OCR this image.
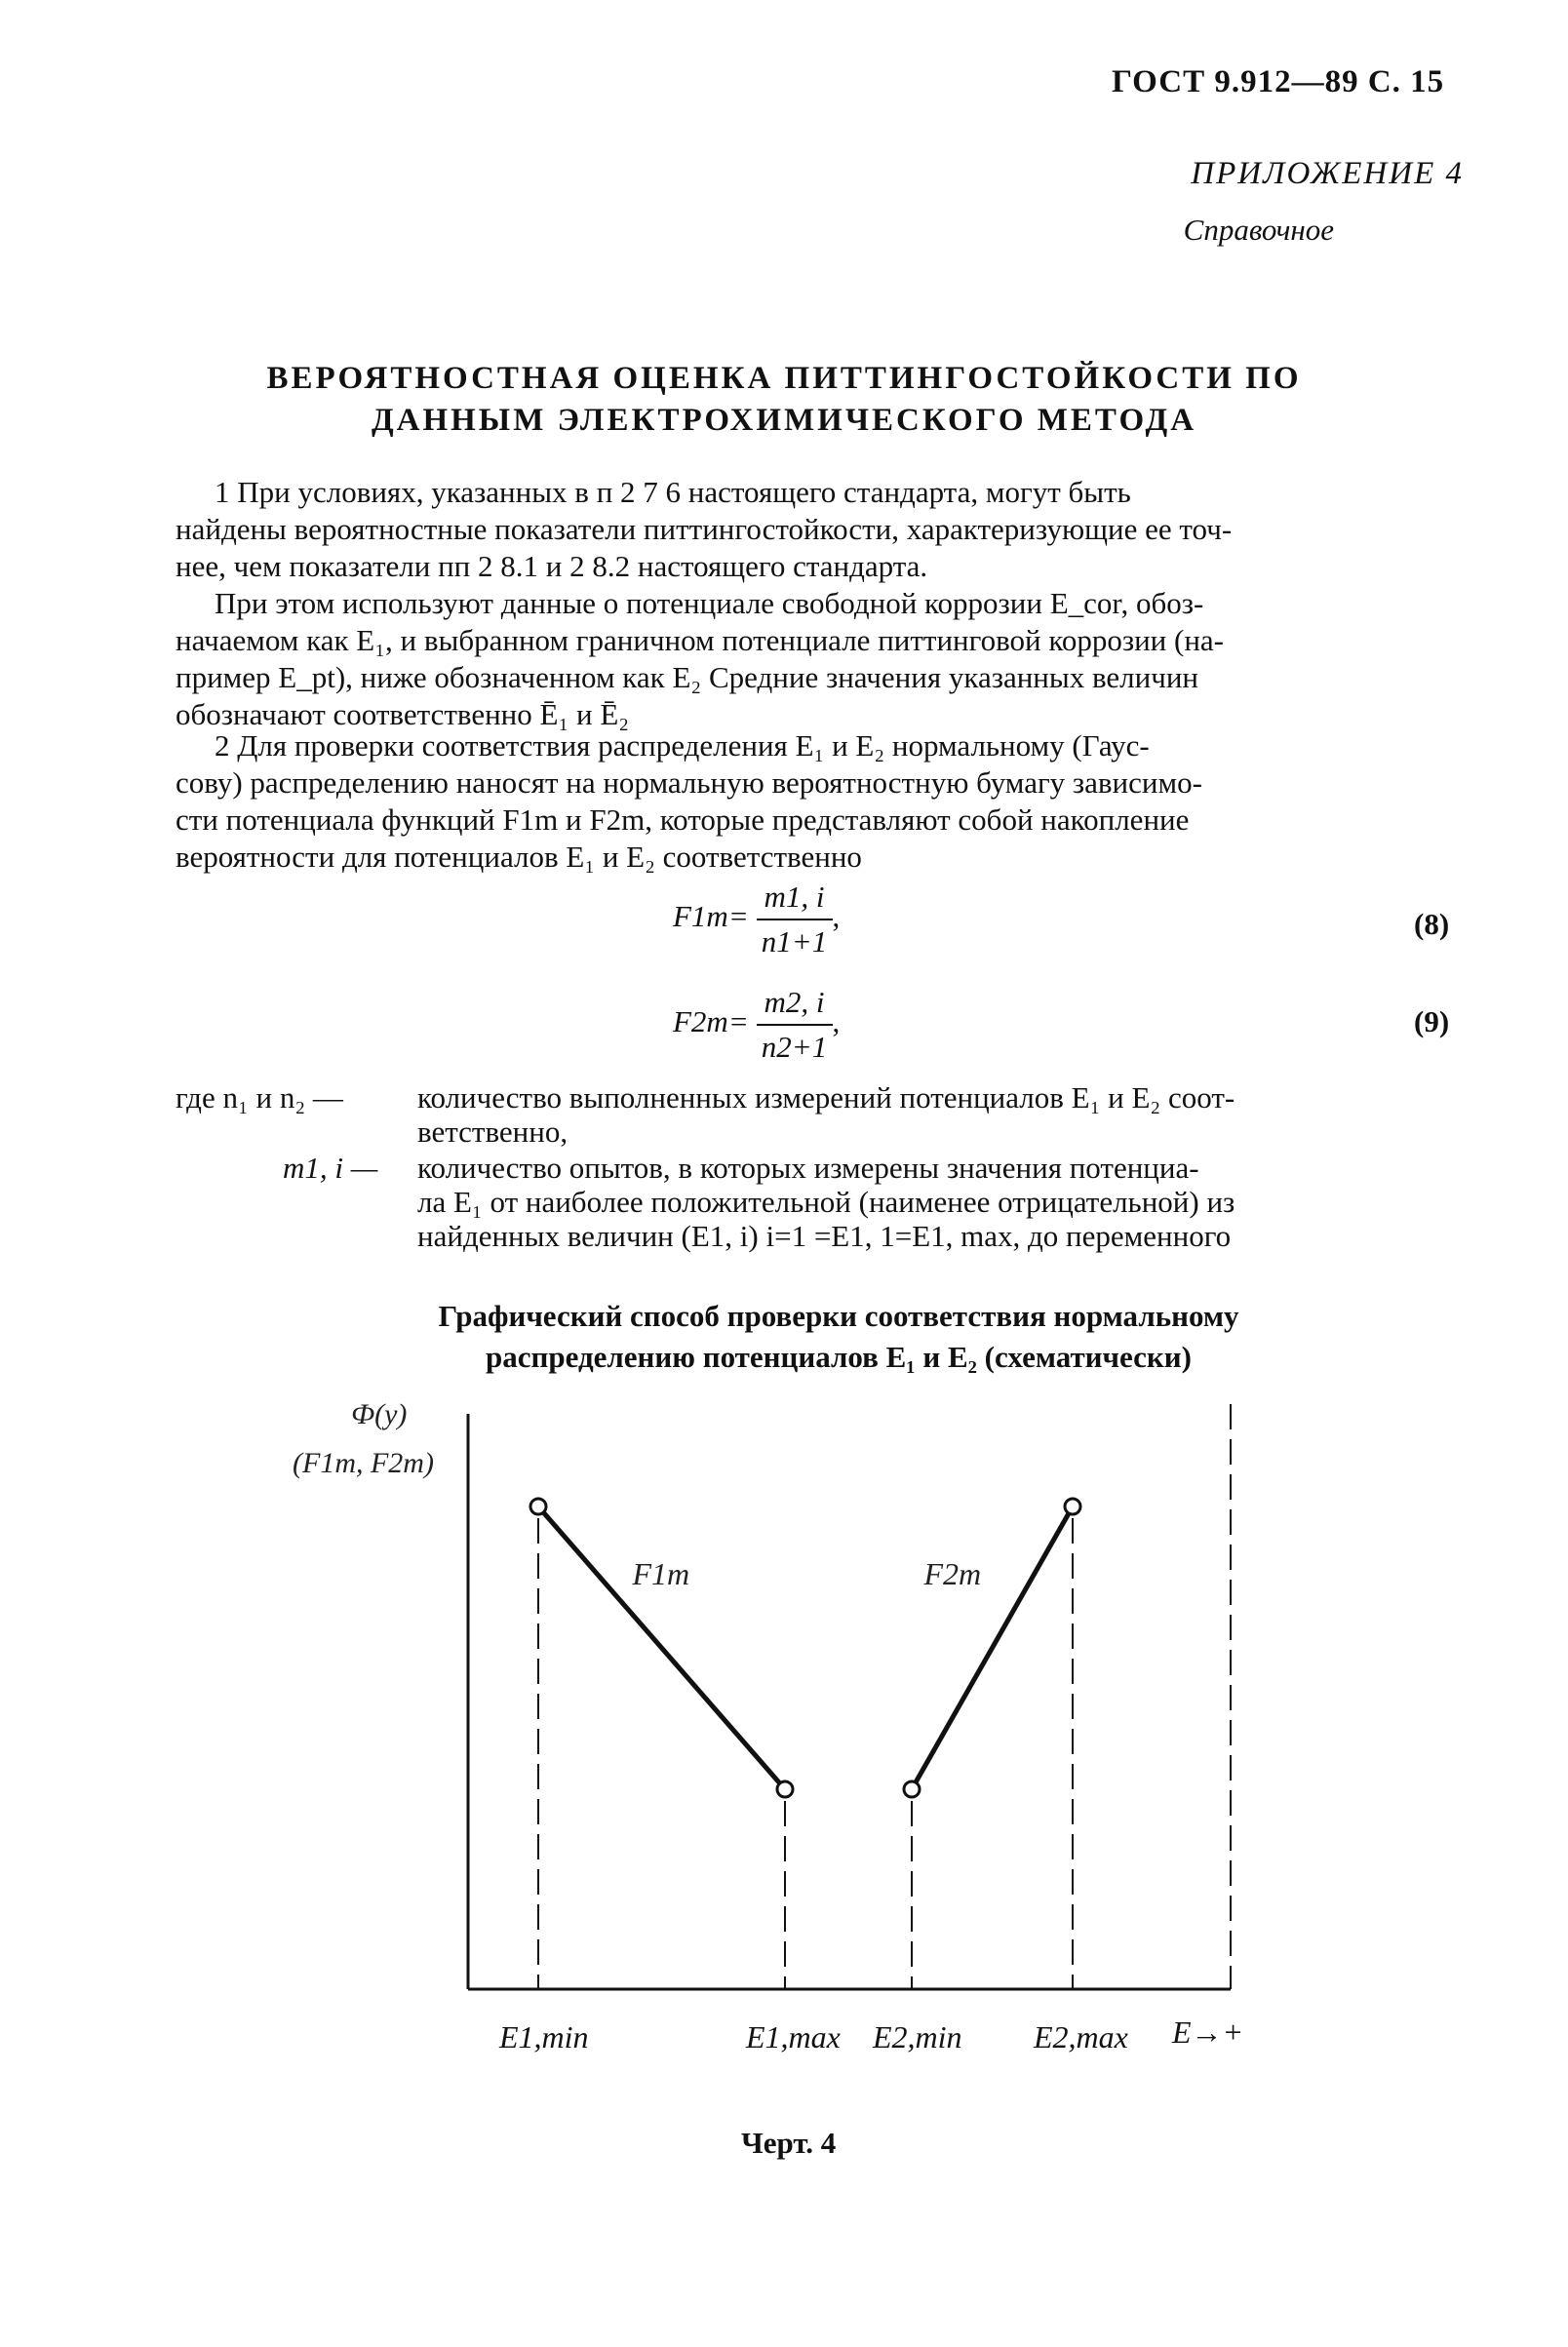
ГОСТ 9.912—89 С. 15
ПРИЛОЖЕНИЕ 4
Справочное
ВЕРОЯТНОСТНАЯ ОЦЕНКА ПИТТИНГОСТОЙКОСТИ ПО
ДАННЫМ ЭЛЕКТРОХИМИЧЕСКОГО МЕТОДА
1 При условиях, указанных в п 2 7 6 настоящего стандарта, могут быть
найдены вероятностные показатели питтингостойкости, характеризующие ее точ-
нее, чем показатели пп 2 8.1 и 2 8.2 настоящего стандарта.
При этом используют данные о потенциале свободной коррозии E_cor, обоз-
начаемом как E₁, и выбранном граничном потенциале питтинговой коррозии (на-
пример E_pt), ниже обозначенном как E₂ Средние значения указанных величин
обозначают соответственно Ē₁ и Ē₂
2 Для проверки соответствия распределения E₁ и E₂ нормальному (Гаус-
сову) распределению наносят на нормальную вероятностную бумагу зависимо-
сти потенциала функций F1m и F2m, которые представляют собой накопление
вероятности для потенциалов E₁ и E₂ соответственно
$F1m= \frac{m1, i}{n1+1}$ ,	(8)
$F2m= \frac{m2, i}{n2+1}$ ,	(9)
где n₁ и n₂ — количество выполненных измерений потенциалов E₁ и E₂ соот-
ветственно,
m1, i — количество опытов, в которых измерены значения потенциа-
ла E₁ от наиболее положительной (наименее отрицательной) из
найденных величин (E1, i) i=1 =E1, 1=E1, max, до переменного
Графический способ проверки соответствия нормальному
распределению потенциалов E₁ и E₂ (схематически)
Ф(y)
(F1m, F2m)
F1m	F2m
E1,min	E1,max E2,min E2,max E→+
Черт. 4
